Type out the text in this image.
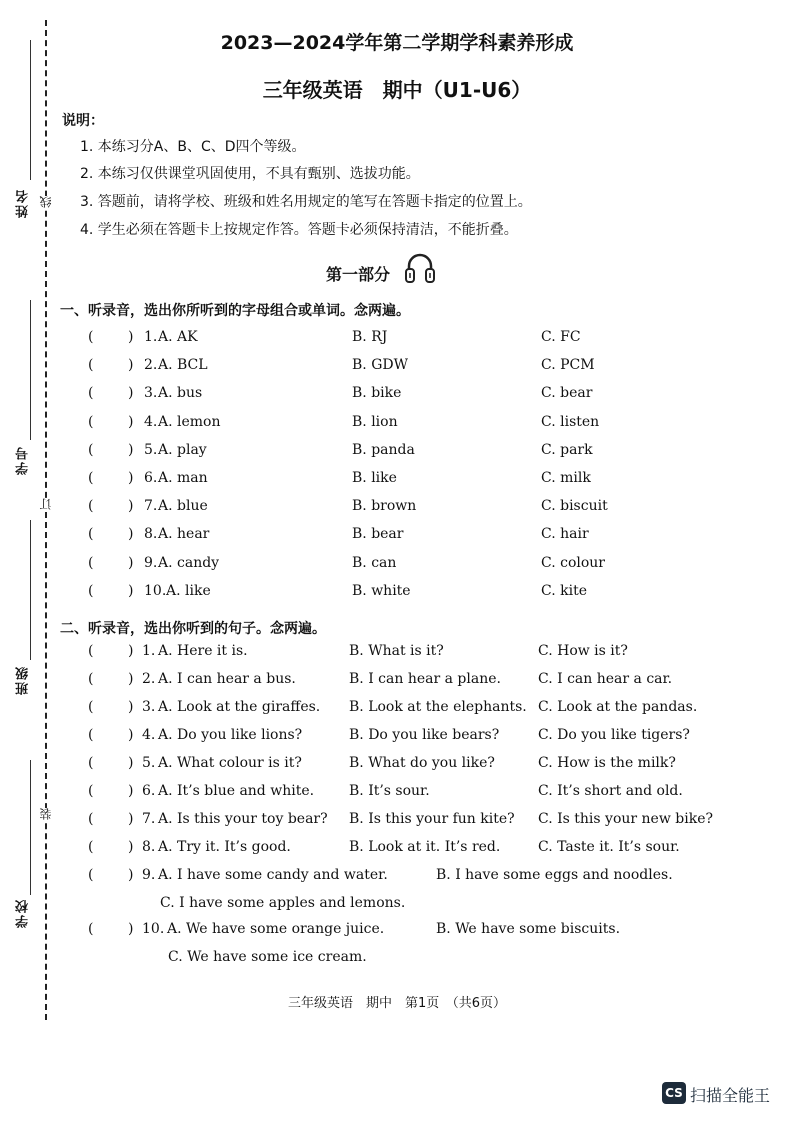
姓名
学号
班级
学校
线
订
装
2023—2024学年第二学期学科素养形成
三年级英语　期中（U1-U6）
说明：
1. 本练习分A、B、C、D四个等级。
2. 本练习仅供课堂巩固使用，不具有甄别、选拔功能。
3. 答题前，请将学校、班级和姓名用规定的笔写在答题卡指定的位置上。
4. 学生必须在答题卡上按规定作答。答题卡必须保持清洁，不能折叠。
第一部分
一、听录音，选出你所听到的字母组合或单词。念两遍。
( ) 1. A. AK	B. RJ	C. FC
( ) 2. A. BCL	B. GDW	C. PCM
( ) 3. A. bus	B. bike	C. bear
( ) 4. A. lemon	B. lion	C. listen
( ) 5. A. play	B. panda	C. park
( ) 6. A. man	B. like	C. milk
( ) 7. A. blue	B. brown	C. biscuit
( ) 8. A. hear	B. bear	C. hair
( ) 9. A. candy	B. can	C. colour
( ) 10. A. like	B. white	C. kite
二、听录音，选出你听到的句子。念两遍。
( ) 1. A. Here it is.	B. What is it?	C. How is it?
( ) 2. A. I can hear a bus.	B. I can hear a plane.	C. I can hear a car.
( ) 3. A. Look at the giraffes. B. Look at the elephants. C. Look at the pandas.
( ) 4. A. Do you like lions?	B. Do you like bears?	C. Do you like tigers?
( ) 5. A. What colour is it?	B. What do you like?	C. How is the milk?
( ) 6. A. It’s blue and white. B. It’s sour.	C. It’s short and old.
( ) 7. A. Is this your toy bear? B. Is this your fun kite? C. Is this your new bike?
( ) 8. A. Try it. It’s good.	B. Look at it. It’s red.	C. Taste it. It’s sour.
( ) 9. A. I have some candy and water.	B. I have some eggs and noodles.
C. I have some apples and lemons.
( ) 10. A. We have some orange juice.	B. We have some biscuits.
C. We have some ice cream.
三年级英语　期中　第1页　（共6页）
CS 扫描全能王
